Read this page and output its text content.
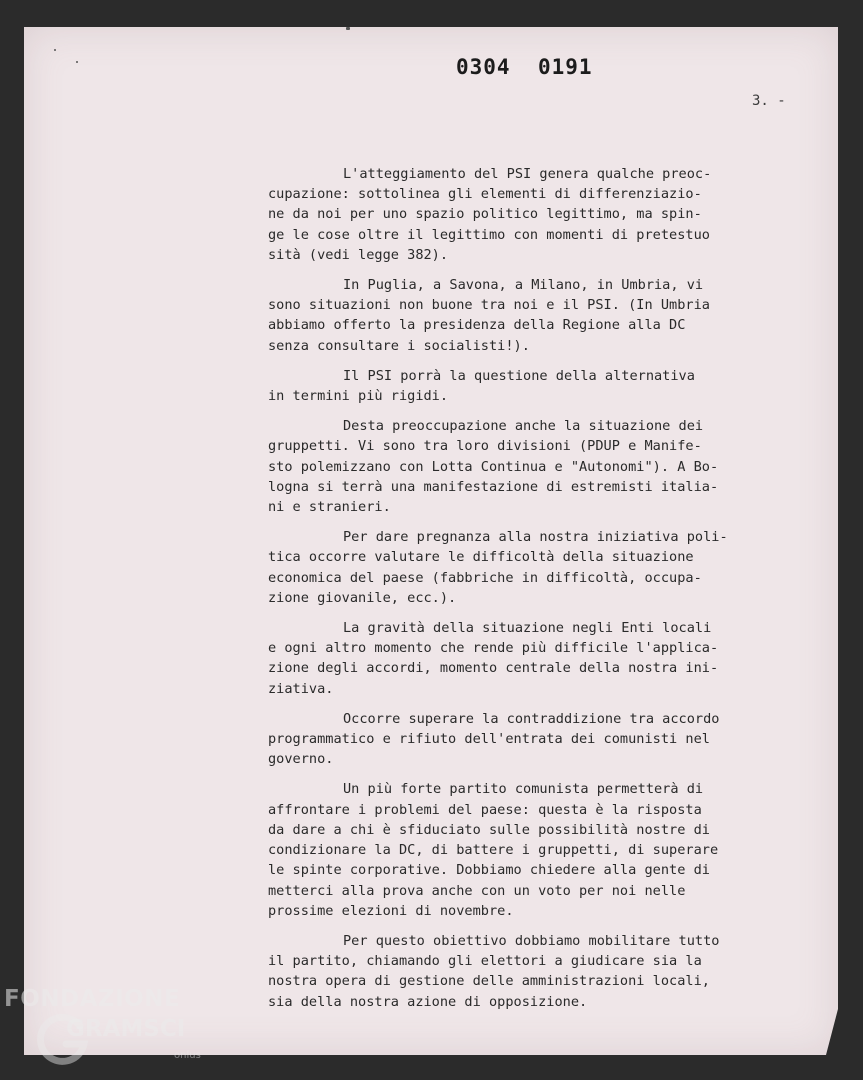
0304 0191
3. -
L'atteggiamento del PSI genera qualche preoc-
cupazione: sottolinea gli elementi di differenziazio-
ne da noi per uno spazio politico legittimo, ma spin-
ge le cose oltre il legittimo con momenti di pretestuo
sità (vedi legge 382).
In Puglia, a Savona, a Milano, in Umbria, vi
sono situazioni non buone tra noi e il PSI. (In Umbria
abbiamo offerto la presidenza della Regione alla DC
senza consultare i socialisti!).
Il PSI porrà la questione della alternativa
in termini più rigidi.
Desta preoccupazione anche la situazione dei
gruppetti. Vi sono tra loro divisioni (PDUP e Manife-
sto polemizzano con Lotta Continua e "Autonomi"). A Bo-
logna si terrà una manifestazione di estremisti italia-
ni e stranieri.
Per dare pregnanza alla nostra iniziativa poli-
tica occorre valutare le difficoltà della situazione
economica del paese (fabbriche in difficoltà, occupa-
zione giovanile, ecc.).
La gravità della situazione negli Enti locali
e ogni altro momento che rende più difficile l'applica-
zione degli accordi, momento centrale della nostra ini-
ziativa.
Occorre superare la contraddizione tra accordo
programmatico e rifiuto dell'entrata dei comunisti nel
governo.
Un più forte partito comunista permetterà di
affrontare i problemi del paese: questa è la risposta
da dare a chi è sfiduciato sulle possibilità nostre di
condizionare la DC, di battere i gruppetti, di superare
le spinte corporative. Dobbiamo chiedere alla gente di
metterci alla prova anche con un voto per noi nelle
prossime elezioni di novembre.
Per questo obiettivo dobbiamo mobilitare tutto
il partito, chiamando gli elettori a giudicare sia la
nostra opera di gestione delle amministrazioni locali,
sia della nostra azione di opposizione.
FONDAZIONE
GRAMSCI
onlus
